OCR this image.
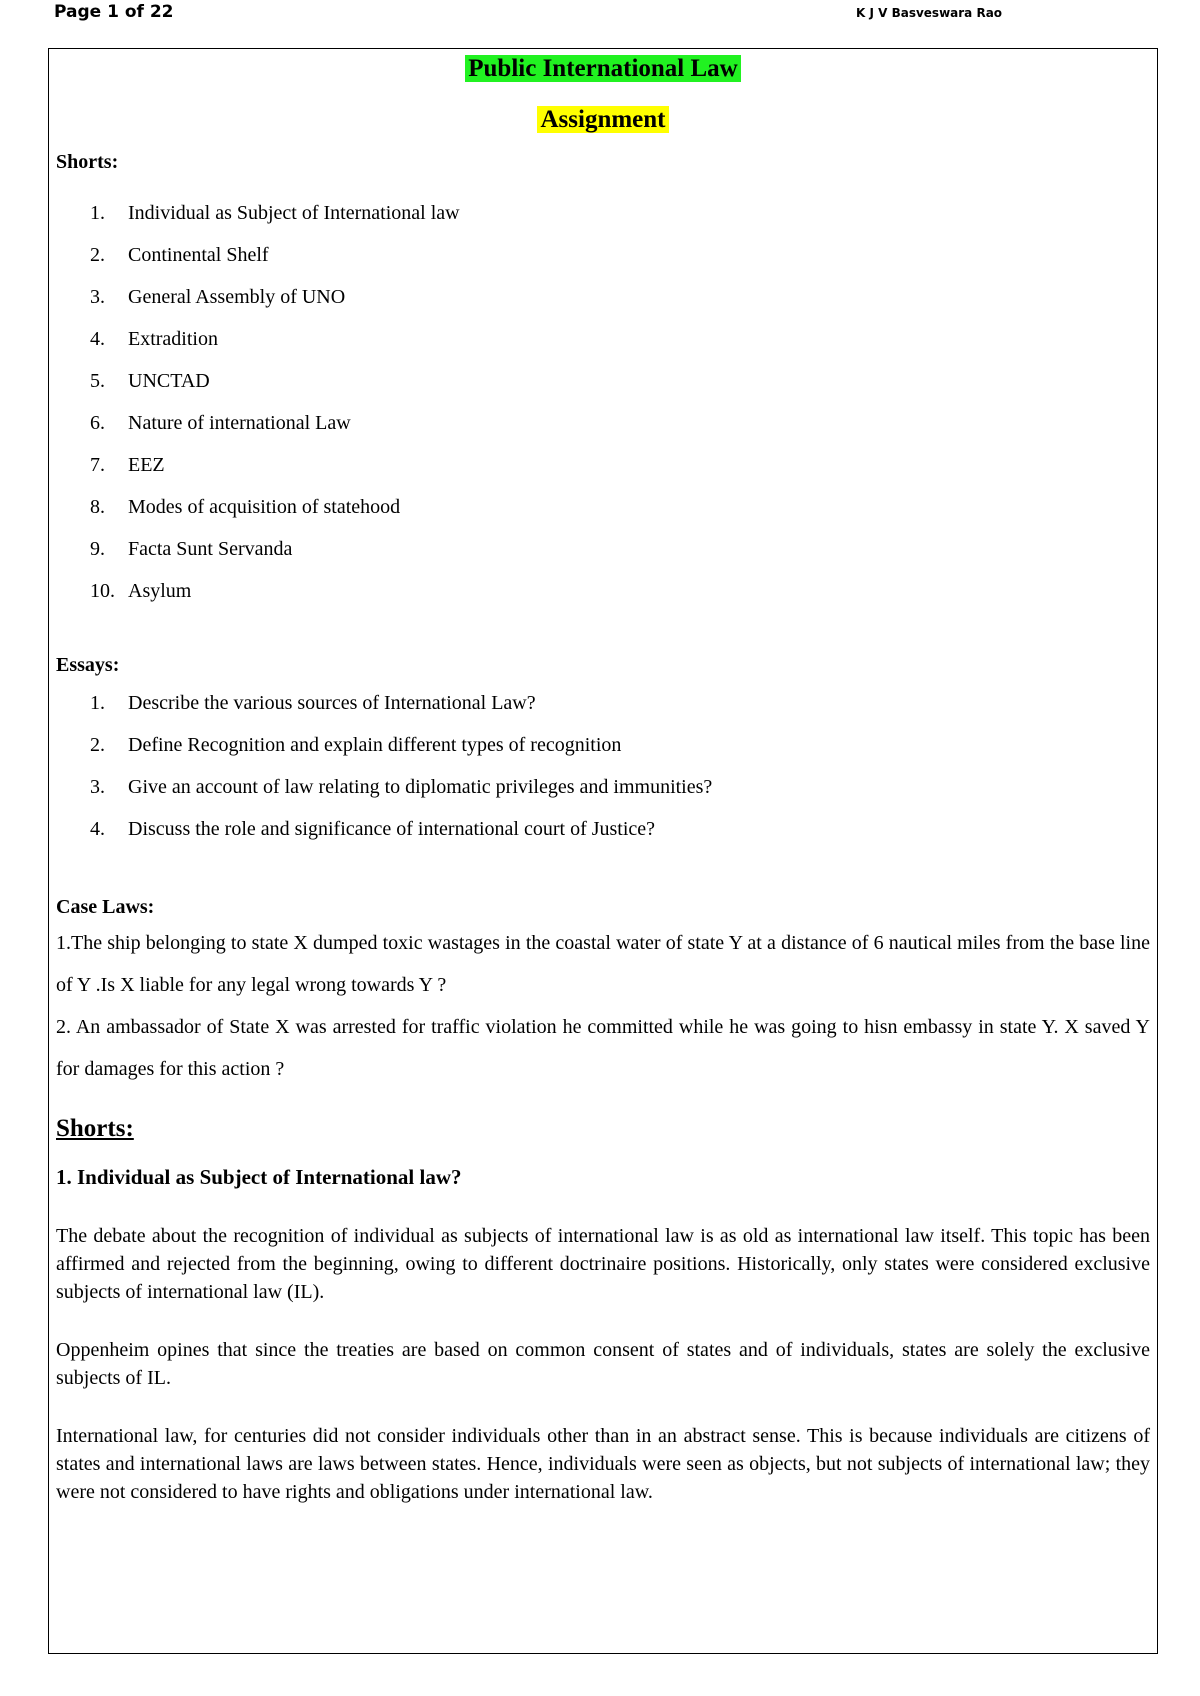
Page 1 of 22	K J V Basveswara Rao
Public International Law
Assignment

Shorts:

1. Individual as Subject of International law
2. Continental Shelf
3. General Assembly of UNO
4. Extradition
5. UNCTAD
6. Nature of international Law
7. EEZ
8. Modes of acquisition of statehood
9. Facta Sunt Servanda
10. Asylum

Essays:

1. Describe the various sources of International Law?
2. Define Recognition and explain different types of recognition
3. Give an account of law relating to diplomatic privileges and immunities?
4. Discuss the role and significance of international court of Justice?

Case Laws:

1.The ship belonging to state X dumped toxic wastages in the coastal water of state Y at a distance of 6 nautical miles from the base line of Y .Is X liable for any legal wrong towards Y ?

2. An ambassador of State X was arrested for traffic violation he committed while he was going to hisn embassy in state Y. X saved Y for damages for this action ?

Shorts:
1. Individual as Subject of International law?

The debate about the recognition of individual as subjects of international law is as old as international law itself. This topic has been affirmed and rejected from the beginning, owing to different doctrinaire positions. Historically, only states were considered exclusive subjects of international law (IL).

Oppenheim opines that since the treaties are based on common consent of states and of individuals, states are solely the exclusive subjects of IL.

International law, for centuries did not consider individuals other than in an abstract sense. This is because individuals are citizens of states and international laws are laws between states. Hence, individuals were seen as objects, but not subjects of international law; they were not considered to have rights and obligations under international law.
